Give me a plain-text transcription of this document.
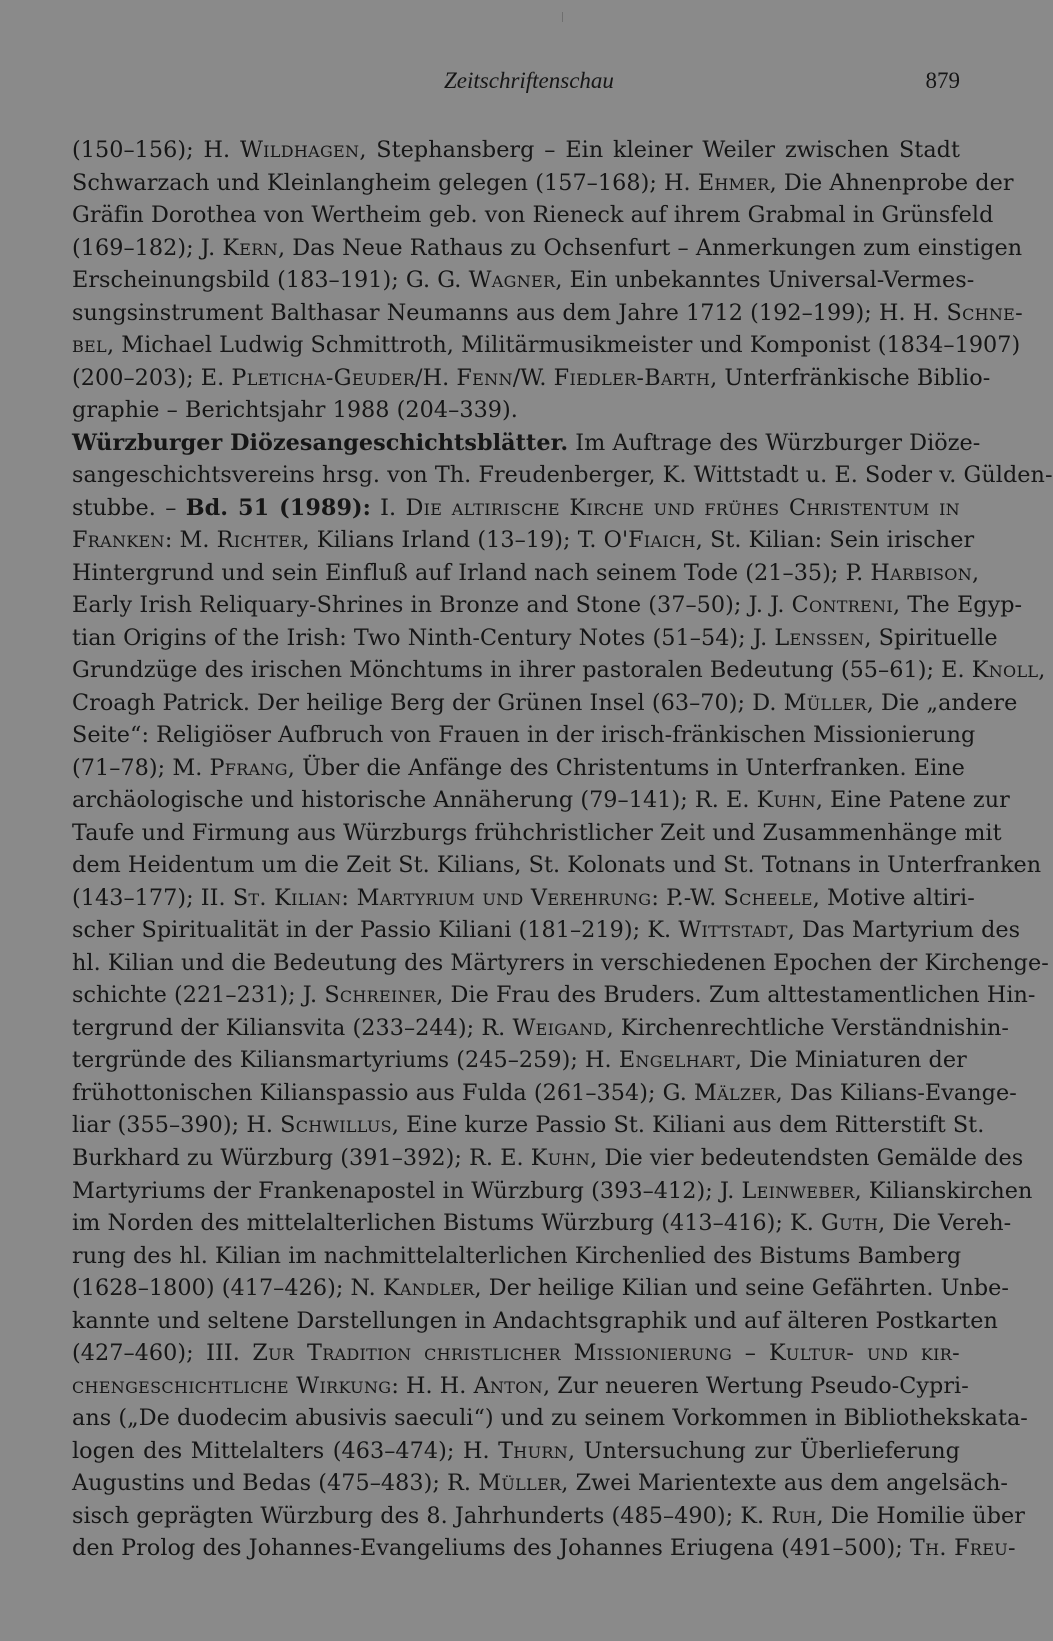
Zeitschriftenschau	879
(150–156); H. Wildhagen, Stephansberg – Ein kleiner Weiler zwischen Stadt
Schwarzach und Kleinlangheim gelegen (157–168); H. Ehmer, Die Ahnenprobe der
Gräfin Dorothea von Wertheim geb. von Rieneck auf ihrem Grabmal in Grünsfeld
(169–182); J. Kern, Das Neue Rathaus zu Ochsenfurt – Anmerkungen zum einstigen
Erscheinungsbild (183–191); G. G. Wagner, Ein unbekanntes Universal-Vermes-
sungsinstrument Balthasar Neumanns aus dem Jahre 1712 (192–199); H. H. Schne-
bel, Michael Ludwig Schmittroth, Militärmusikmeister und Komponist (1834–1907)
(200–203); E. Pleticha-Geuder/H. Fenn/W. Fiedler-Barth, Unterfränkische Biblio-
graphie – Berichtsjahr 1988 (204–339).
Würzburger Diözesangeschichtsblätter. Im Auftrage des Würzburger Diöze-
sangeschichtsvereins hrsg. von Th. Freudenberger, K. Wittstadt u. E. Soder v. Gülden-
stubbe. – Bd. 51 (1989): I. Die altirische Kirche und frühes Christentum in
Franken: M. Richter, Kilians Irland (13–19); T. O'Fiaich, St. Kilian: Sein irischer
Hintergrund und sein Einfluß auf Irland nach seinem Tode (21–35); P. Harbison,
Early Irish Reliquary-Shrines in Bronze and Stone (37–50); J. J. Contreni, The Egyp-
tian Origins of the Irish: Two Ninth-Century Notes (51–54); J. Lenssen, Spirituelle
Grundzüge des irischen Mönchtums in ihrer pastoralen Bedeutung (55–61); E. Knoll,
Croagh Patrick. Der heilige Berg der Grünen Insel (63–70); D. Müller, Die „andere
Seite“: Religiöser Aufbruch von Frauen in der irisch-fränkischen Missionierung
(71–78); M. Pfrang, Über die Anfänge des Christentums in Unterfranken. Eine
archäologische und historische Annäherung (79–141); R. E. Kuhn, Eine Patene zur
Taufe und Firmung aus Würzburgs frühchristlicher Zeit und Zusammenhänge mit
dem Heidentum um die Zeit St. Kilians, St. Kolonats und St. Totnans in Unterfranken
(143–177); II. St. Kilian: Martyrium und Verehrung: P.-W. Scheele, Motive altiri-
scher Spiritualität in der Passio Kiliani (181–219); K. Wittstadt, Das Martyrium des
hl. Kilian und die Bedeutung des Märtyrers in verschiedenen Epochen der Kirchenge-
schichte (221–231); J. Schreiner, Die Frau des Bruders. Zum alttestamentlichen Hin-
tergrund der Kiliansvita (233–244); R. Weigand, Kirchenrechtliche Verständnishin-
tergründe des Kiliansmartyriums (245–259); H. Engelhart, Die Miniaturen der
frühottonischen Kilianspassio aus Fulda (261–354); G. Mälzer, Das Kilians-Evange-
liar (355–390); H. Schwillus, Eine kurze Passio St. Kiliani aus dem Ritterstift St.
Burkhard zu Würzburg (391–392); R. E. Kuhn, Die vier bedeutendsten Gemälde des
Martyriums der Frankenapostel in Würzburg (393–412); J. Leinweber, Kilianskirchen
im Norden des mittelalterlichen Bistums Würzburg (413–416); K. Guth, Die Vereh-
rung des hl. Kilian im nachmittelalterlichen Kirchenlied des Bistums Bamberg
(1628–1800) (417–426); N. Kandler, Der heilige Kilian und seine Gefährten. Unbe-
kannte und seltene Darstellungen in Andachtsgraphik und auf älteren Postkarten
(427–460); III. Zur Tradition christlicher Missionierung – Kultur- und kir-
chengeschichtliche Wirkung: H. H. Anton, Zur neueren Wertung Pseudo-Cypri-
ans („De duodecim abusivis saeculi“) und zu seinem Vorkommen in Bibliothekskata-
logen des Mittelalters (463–474); H. Thurn, Untersuchung zur Überlieferung
Augustins und Bedas (475–483); R. Müller, Zwei Marientexte aus dem angelsäch-
sisch geprägten Würzburg des 8. Jahrhunderts (485–490); K. Ruh, Die Homilie über
den Prolog des Johannes-Evangeliums des Johannes Eriugena (491–500); Th. Freu-
